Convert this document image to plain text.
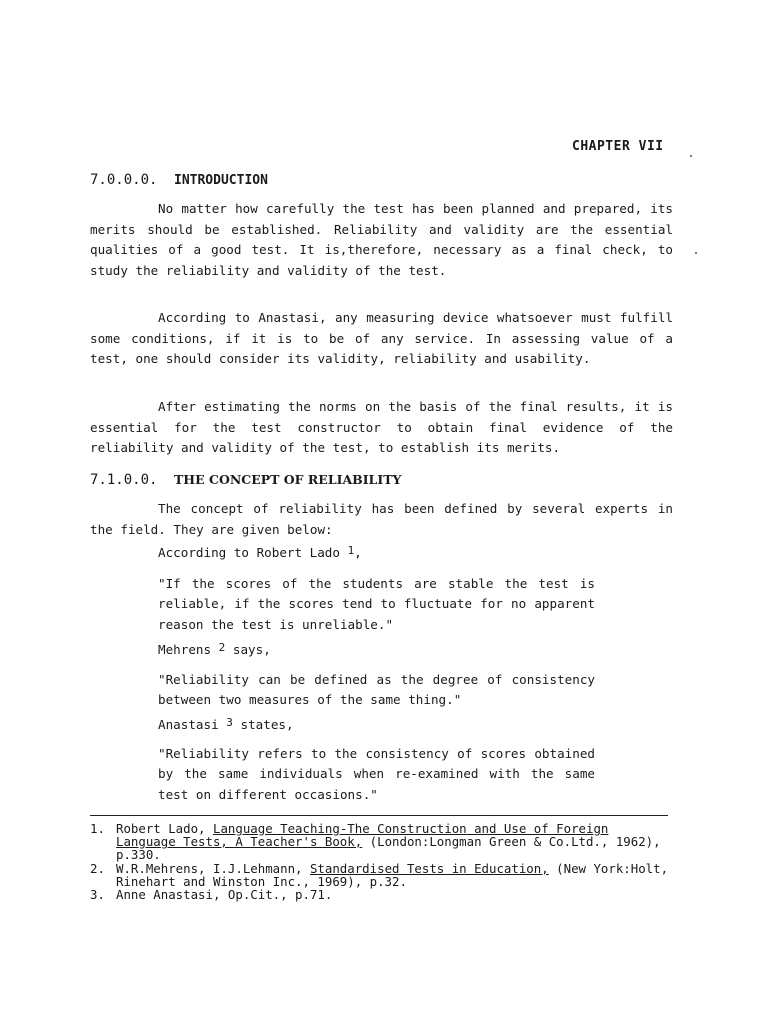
CHAPTER VII
7.0.0.0. INTRODUCTION
No matter how carefully the test has been planned and prepared, its merits should be established. Reliability and validity are the essential qualities of a good test. It is,therefore, necessary as a final check, to study the reliability and validity of the test.
According to Anastasi, any measuring device whatsoever must fulfill some conditions, if it is to be of any service. In assessing value of a test, one should consider its validity, reliability and usability.
After estimating the norms on the basis of the final results, it is essential for the test constructor to obtain final evidence of the reliability and validity of the test, to establish its merits.
7.1.0.0. THE CONCEPT OF RELIABILITY
The concept of reliability has been defined by several experts in the field. They are given below:
According to Robert Lado $^1$,
"If the scores of the students are stable the test is reliable, if the scores tend to fluctuate for no apparent reason the test is unreliable."
Mehrens $^2$ says,
"Reliability can be defined as the degree of consistency between two measures of the same thing."
Anastasi $^3$ states,
"Reliability refers to the consistency of scores obtained by the same individuals when re-examined with the same test on different occasions."
1. Robert Lado, Language Teaching-The Construction and Use of Foreign Language Tests, A Teacher's Book, (London:Longman Green & Co.Ltd., 1962), p.330.
2. W.R.Mehrens, I.J.Lehmann, Standardised Tests in Education, (New York:Holt, Rinehart and Winston Inc., 1969), p.32.
3. Anne Anastasi, Op.Cit., p.71.
